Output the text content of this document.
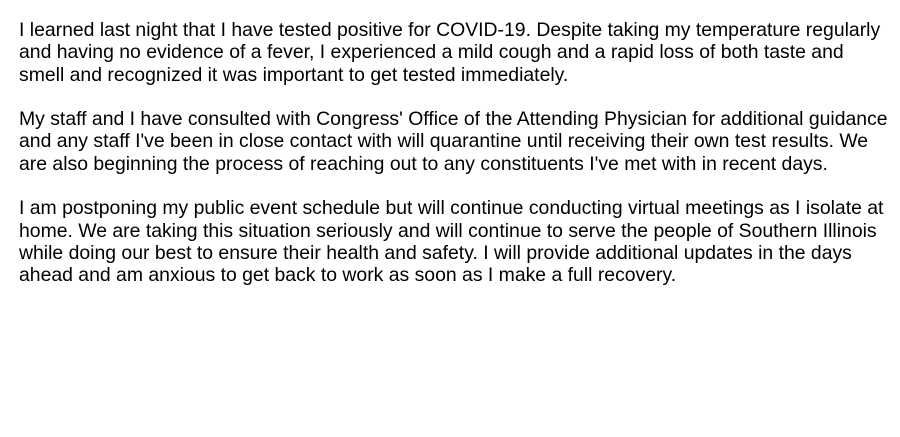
I learned last night that I have tested positive for COVID-19. Despite taking my temperature regularly and having no evidence of a fever, I experienced a mild cough and a rapid loss of both taste and smell and recognized it was important to get tested immediately.

My staff and I have consulted with Congress' Office of the Attending Physician for additional guidance and any staff I've been in close contact with will quarantine until receiving their own test results. We are also beginning the process of reaching out to any constituents I've met with in recent days.

I am postponing my public event schedule but will continue conducting virtual meetings as I isolate at home. We are taking this situation seriously and will continue to serve the people of Southern Illinois while doing our best to ensure their health and safety. I will provide additional updates in the days ahead and am anxious to get back to work as soon as I make a full recovery.
